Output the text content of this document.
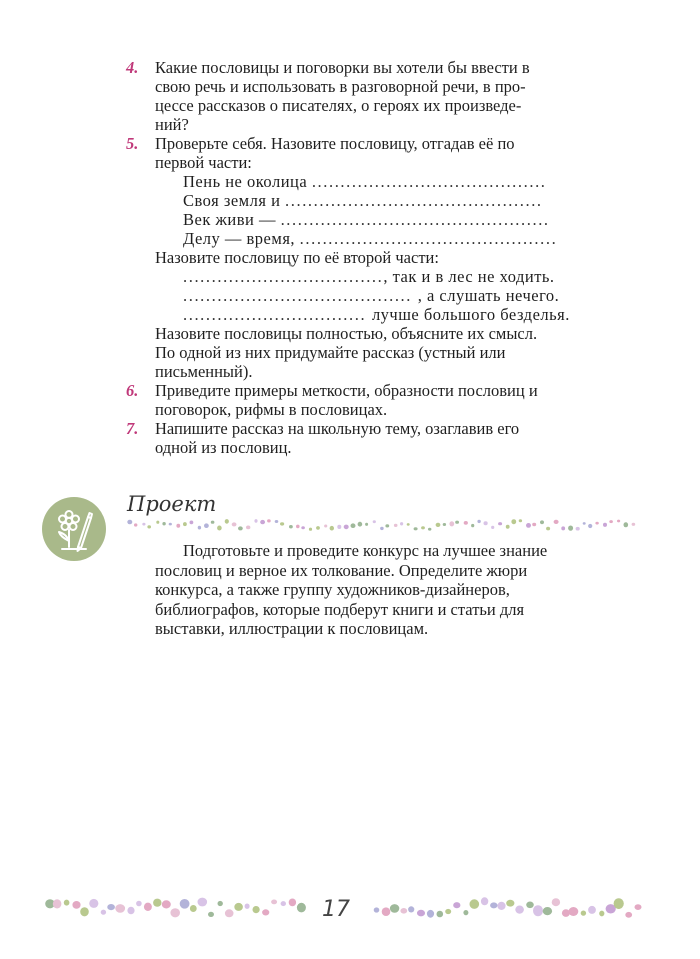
4. Какие пословицы и поговорки вы хотели бы ввести в
свою речь и использовать в разговорной речи, в про-
цессе рассказов о писателях, о героях их произведе-
ний?
5. Проверьте себя. Назовите пословицу, отгадав её по
первой части:
Пень не околица .........................................
Своя земля и .............................................
Век живи — ...............................................
Делу — время, .............................................
Назовите пословицу по её второй части:
..................................., так и в лес не ходить.
........................................ , а слушать нечего.
................................ лучше большого безделья.
Назовите пословицы полностью, объясните их смысл.
По одной из них придумайте рассказ (устный или
письменный).
6. Приведите примеры меткости, образности пословиц и
поговорок, рифмы в пословицах.
7. Напишите рассказ на школьную тему, озаглавив его
одной из пословиц.
Проект
Подготовьте и проведите конкурс на лучшее знание
пословиц и верное их толкование. Определите жюри
конкурса, а также группу художников-дизайнеров,
библиографов, которые подберут книги и статьи для
выставки, иллюстрации к пословицам.
17
